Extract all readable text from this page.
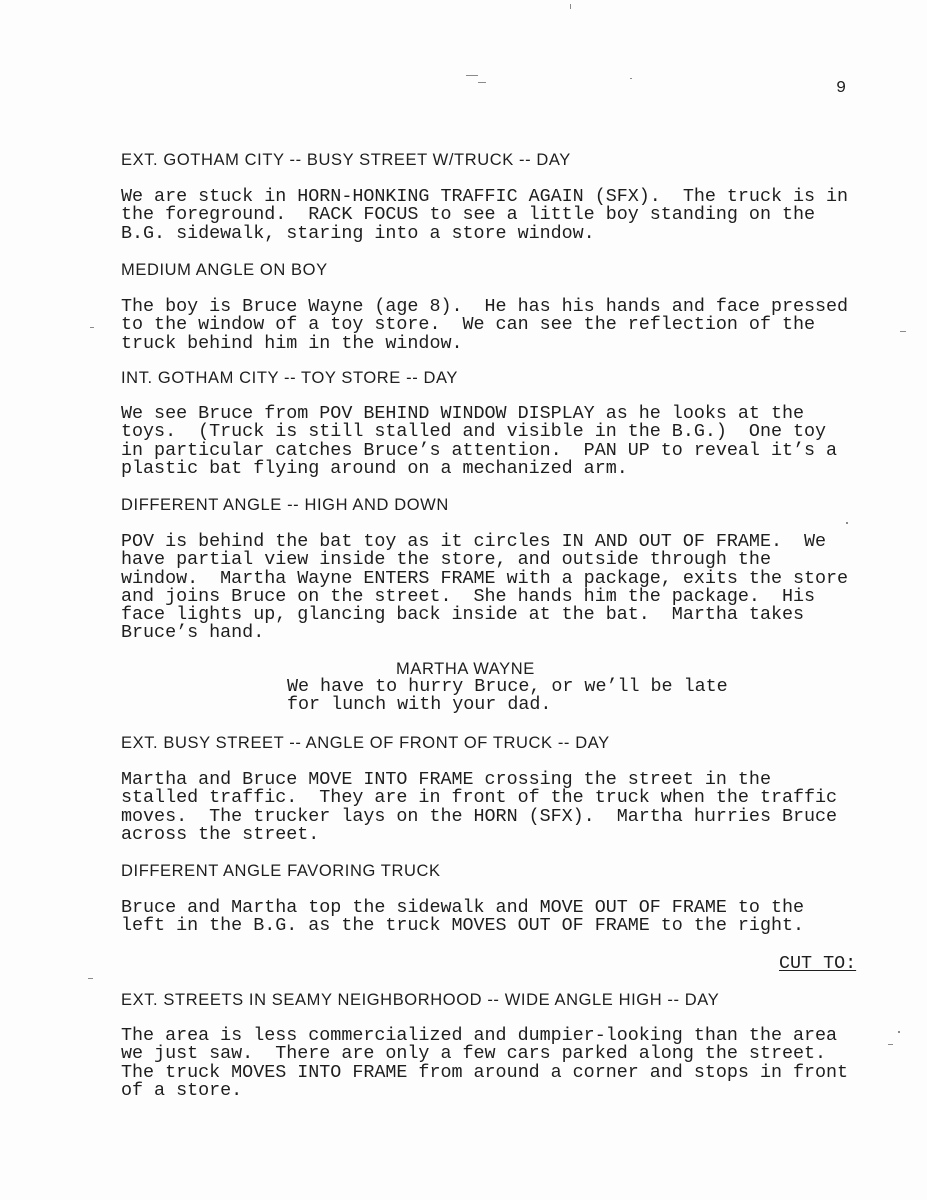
9
EXT. GOTHAM CITY -- BUSY STREET W/TRUCK -- DAY
We are stuck in HORN-HONKING TRAFFIC AGAIN (SFX).  The truck is in
the foreground.  RACK FOCUS to see a little boy standing on the
B.G. sidewalk, staring into a store window.
MEDIUM ANGLE ON BOY
The boy is Bruce Wayne (age 8).  He has his hands and face pressed
to the window of a toy store.  We can see the reflection of the
truck behind him in the window.
INT. GOTHAM CITY -- TOY STORE -- DAY
We see Bruce from POV BEHIND WINDOW DISPLAY as he looks at the
toys.  (Truck is still stalled and visible in the B.G.)  One toy
in particular catches Bruce’s attention.  PAN UP to reveal it’s a
plastic bat flying around on a mechanized arm.
DIFFERENT ANGLE -- HIGH AND DOWN
POV is behind the bat toy as it circles IN AND OUT OF FRAME.  We
have partial view inside the store, and outside through the
window.  Martha Wayne ENTERS FRAME with a package, exits the store
and joins Bruce on the street.  She hands him the package.  His
face lights up, glancing back inside at the bat.  Martha takes
Bruce’s hand.
MARTHA WAYNE
We have to hurry Bruce, or we’ll be late
for lunch with your dad.
EXT. BUSY STREET -- ANGLE OF FRONT OF TRUCK -- DAY
Martha and Bruce MOVE INTO FRAME crossing the street in the
stalled traffic.  They are in front of the truck when the traffic
moves.  The trucker lays on the HORN (SFX).  Martha hurries Bruce
across the street.
DIFFERENT ANGLE FAVORING TRUCK
Bruce and Martha top the sidewalk and MOVE OUT OF FRAME to the
left in the B.G. as the truck MOVES OUT OF FRAME to the right.
CUT TO:
EXT. STREETS IN SEAMY NEIGHBORHOOD -- WIDE ANGLE HIGH -- DAY
The area is less commercialized and dumpier-looking than the area
we just saw.  There are only a few cars parked along the street.
The truck MOVES INTO FRAME from around a corner and stops in front
of a store.
